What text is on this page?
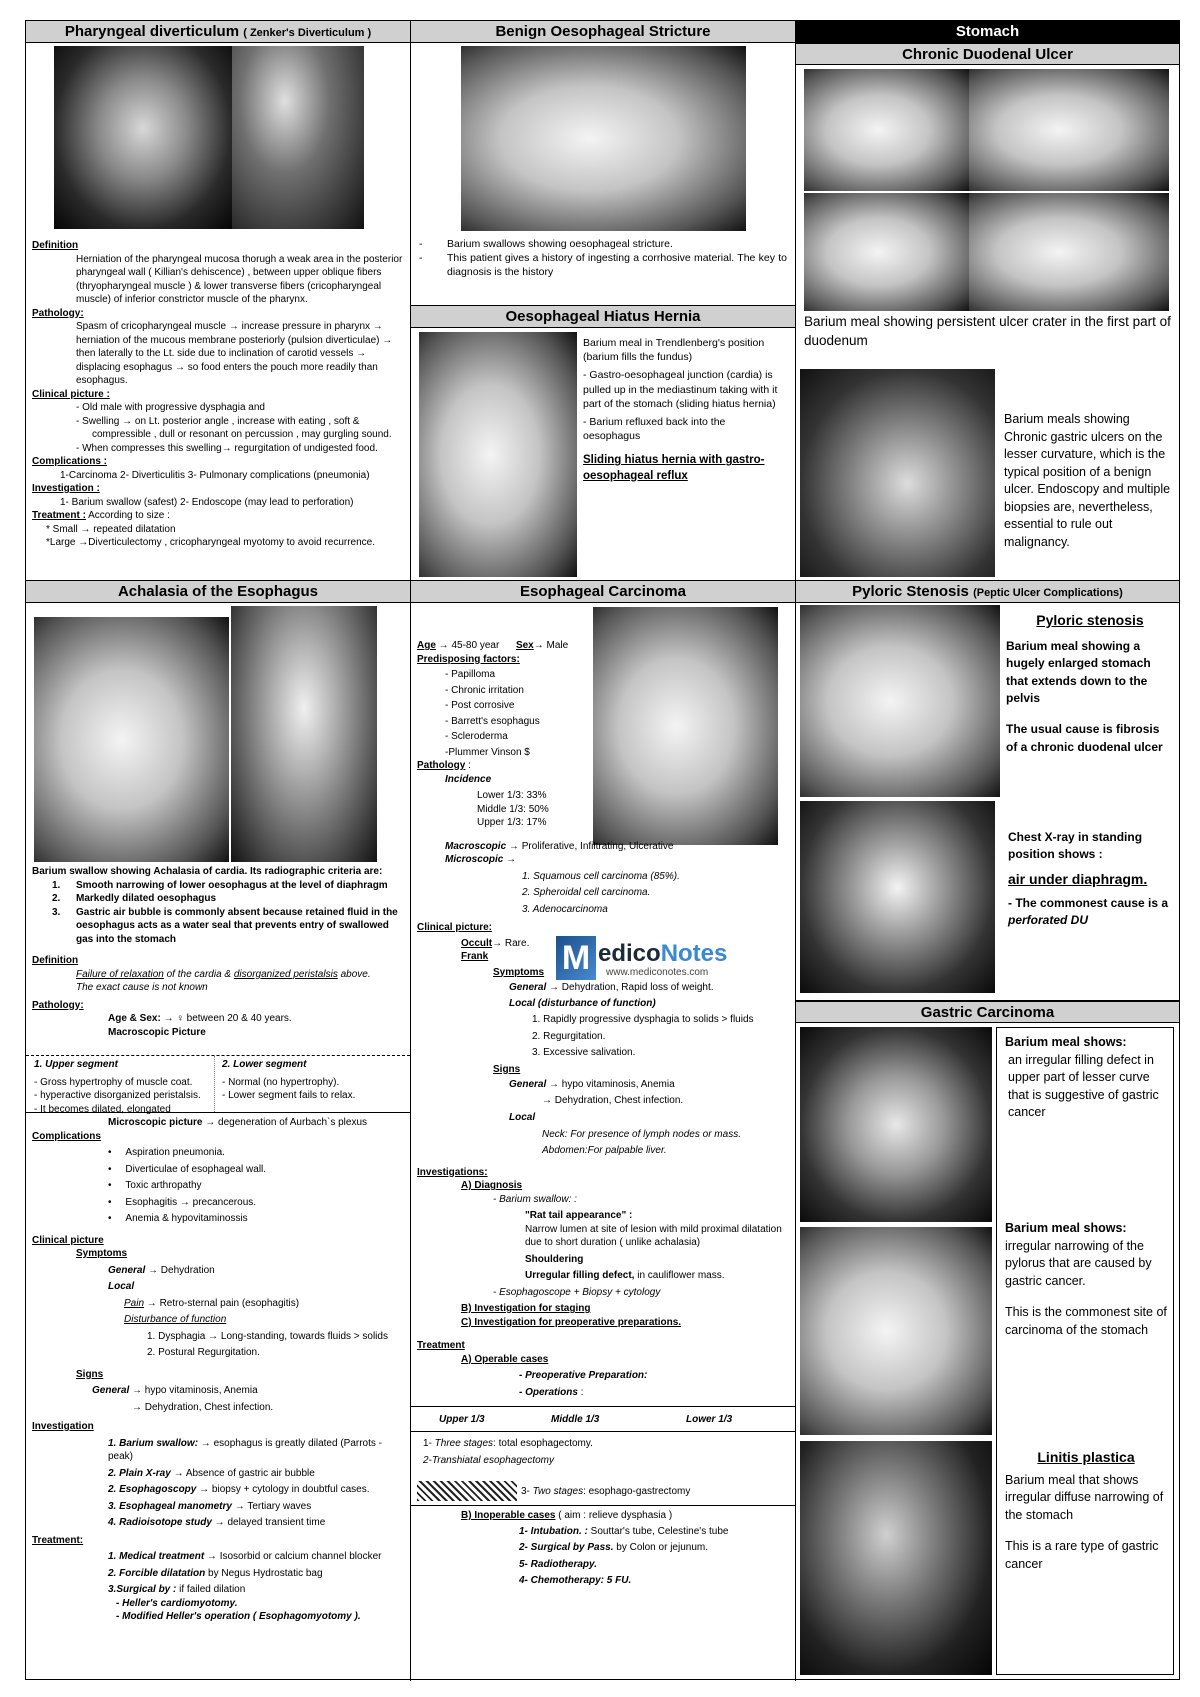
Pharyngeal diverticulum ( Zenker's Diverticulum )

Definition

Herniation of the pharyngeal mucosa thorugh a weak area in the posterior pharyngeal wall ( Killian's dehiscence) , between upper oblique fibers (thryopharyngeal muscle ) & lower transverse fibers (cricopharyngeal muscle) of inferior constrictor muscle of the pharynx.

Pathology:

Spasm of cricopharyngeal muscle → increase pressure in pharynx → herniation of the mucous membrane posteriorly (pulsion diverticulae) → then laterally to the Lt. side due to inclination of carotid vessels → displacing esophagus → so food enters the pouch more readily than esophagus.

Clinical picture :

- Old male with progressive dysphagia and

- Swelling → on Lt. posterior angle , increase with eating , soft &

compressible , dull or resonant on percussion , may gurgling sound.

- When compresses this swelling→ regurgitation of undigested food.

Complications :

1-Carcinoma 2- Diverticulitis 3- Pulmonary complications (pneumonia)

Investigation :

1- Barium swallow (safest) 2- Endoscope (may lead to perforation)

Treatment : According to size :

* Small → repeated dilatation

*Large →Diverticulectomy , cricopharyngeal myotomy to avoid recurrence.

Benign Oesophageal Stricture

-	Barium swallows showing oesophageal stricture.

-	This patient gives a history of ingesting a corrhosive material. The key to diagnosis is the history

Oesophageal Hiatus Hernia

Barium meal in Trendlenberg's position (barium fills the fundus)

- Gastro-oesophageal junction (cardia) is pulled up in the mediastinum taking with it part of the stomach (sliding hiatus hernia)

- Barium refluxed back into the oesophagus

Sliding hiatus hernia with gastro-oesophageal reflux

Stomach
Chronic Duodenal Ulcer
Barium meal showing persistent ulcer crater in the first part of duodenum
Barium meals showing Chronic gastric ulcers on the lesser curvature, which is the typical position of a benign ulcer. Endoscopy and multiple biopsies are, nevertheless, essential to rule out malignancy.
Achalasia of the Esophagus

Barium swallow showing Achalasia of cardia. Its radiographic criteria are:

1.	Smooth narrowing of lower oesophagus at the level of diaphragm

2.	Markedly dilated oesophagus

3.	Gastric air bubble is commonly absent because retained fluid in the oesophagus acts as a water seal that prevents entry of swallowed gas into the stomach

Definition

Failure of relaxation of the cardia & disorganized peristalsis above.

The exact cause is not known

Pathology:

Age & Sex: → ♀ between 20 & 40 years.

Macroscopic Picture

1. Upper segment

- Gross hypertrophy of muscle coat.

- hyperactive disorganized peristalsis.

- It becomes dilated, elongated

2. Lower segment

- Normal (no hypertrophy).

- Lower segment fails to relax.

Microscopic picture → degeneration of Aurbach`s plexus

Complications

•     Aspiration pneumonia.

•     Diverticulae of esophageal wall.

•     Toxic arthropathy

•     Esophagitis → precancerous.

•     Anemia & hypovitaminossis

Clinical picture

Symptoms

General → Dehydration

Local

Pain → Retro-sternal pain (esophagitis)

Disturbance of function

1. Dysphagia → Long-standing, towards fluids > solids

2. Postural Regurgitation.

Signs

General → hypo vitaminosis, Anemia

→ Dehydration, Chest infection.

Investigation

1. Barium swallow: → esophagus is greatly dilated (Parrots - peak)

2. Plain X-ray → Absence of gastric air bubble

2. Esophagoscopy → biopsy + cytology in doubtful cases.

3. Esophageal manometry → Tertiary waves

4. Radioisotope study → delayed transient time

Treatment:

1. Medical treatment → Isosorbid or calcium channel blocker

2. Forcible dilatation by Negus Hydrostatic bag

3.Surgical by : if failed dilation

- Heller's cardiomyotomy.

- Modified Heller's operation ( Esophagomyotomy ).

Esophageal Carcinoma

Age → 45-80 year Sex→ Male

Predisposing factors:

- Papilloma

- Chronic irritation

- Post corrosive

- Barrett's esophagus

- Scleroderma

-Plummer Vinson $

Pathology :

Incidence

Lower 1/3: 33%

Middle 1/3: 50%

Upper 1/3: 17%

Macroscopic → Proliferative, Infiltrating, Ulcerative

Microscopic →

1. Squamous cell carcinoma (85%).

2. Spheroidal cell carcinoma.

3. Adenocarcinoma

Clinical picture:

Occult→ Rare.

Frank

Symptoms

General → Dehydration, Rapid loss of weight.

Local (disturbance of function)

1. Rapidly progressive dysphagia to solids > fluids

2. Regurgitation.

3. Excessive salivation.

Signs

General → hypo vitaminosis, Anemia

→ Dehydration, Chest infection.

Local

Neck: For presence of lymph nodes or mass.

Abdomen:For palpable liver.

Investigations:

A) Diagnosis

- Barium swallow: :

"Rat tail appearance" :

Narrow lumen at site of lesion with mild proximal dilatation due to short duration ( unlike achalasia)

Shouldering

Urregular filling defect, in cauliflower mass.

- Esophagoscope + Biopsy + cytology

B) Investigation for staging

C) Investigation for preoperative preparations.

Treatment

A) Operable cases

- Preoperative Preparation:

- Operations :

M edicoNotes
www.mediconotes.com
Upper 1/3	Middle 1/3	Lower 1/3

1- Three stages: total esophagectomy.

2-Transhiatal esophagectomy

3- Two stages: esophago-gastrectomy

B) Inoperable cases ( aim : relieve dysphasia )

1- Intubation. : Souttar's tube, Celestine's tube

2- Surgical by Pass. by Colon or jejunum.

5- Radiotherapy.

4- Chemotherapy: 5 FU.

Pyloric Stenosis (Peptic Ulcer Complications)

Pyloric stenosis

Barium meal showing a hugely enlarged stomach that extends down to the pelvis

The usual cause is fibrosis of a chronic duodenal ulcer

Chest X-ray in standing position shows :

air under diaphragm.

- The commonest cause is a perforated DU

Gastric Carcinoma

Barium meal shows:

an irregular filling defect in upper part of lesser curve that is suggestive of gastric cancer

Barium meal shows:

irregular narrowing of the pylorus that are caused by gastric cancer.

This is the commonest site of carcinoma of the stomach

Linitis plastica

Barium meal that shows irregular diffuse narrowing of the stomach

This is a rare type of gastric cancer
